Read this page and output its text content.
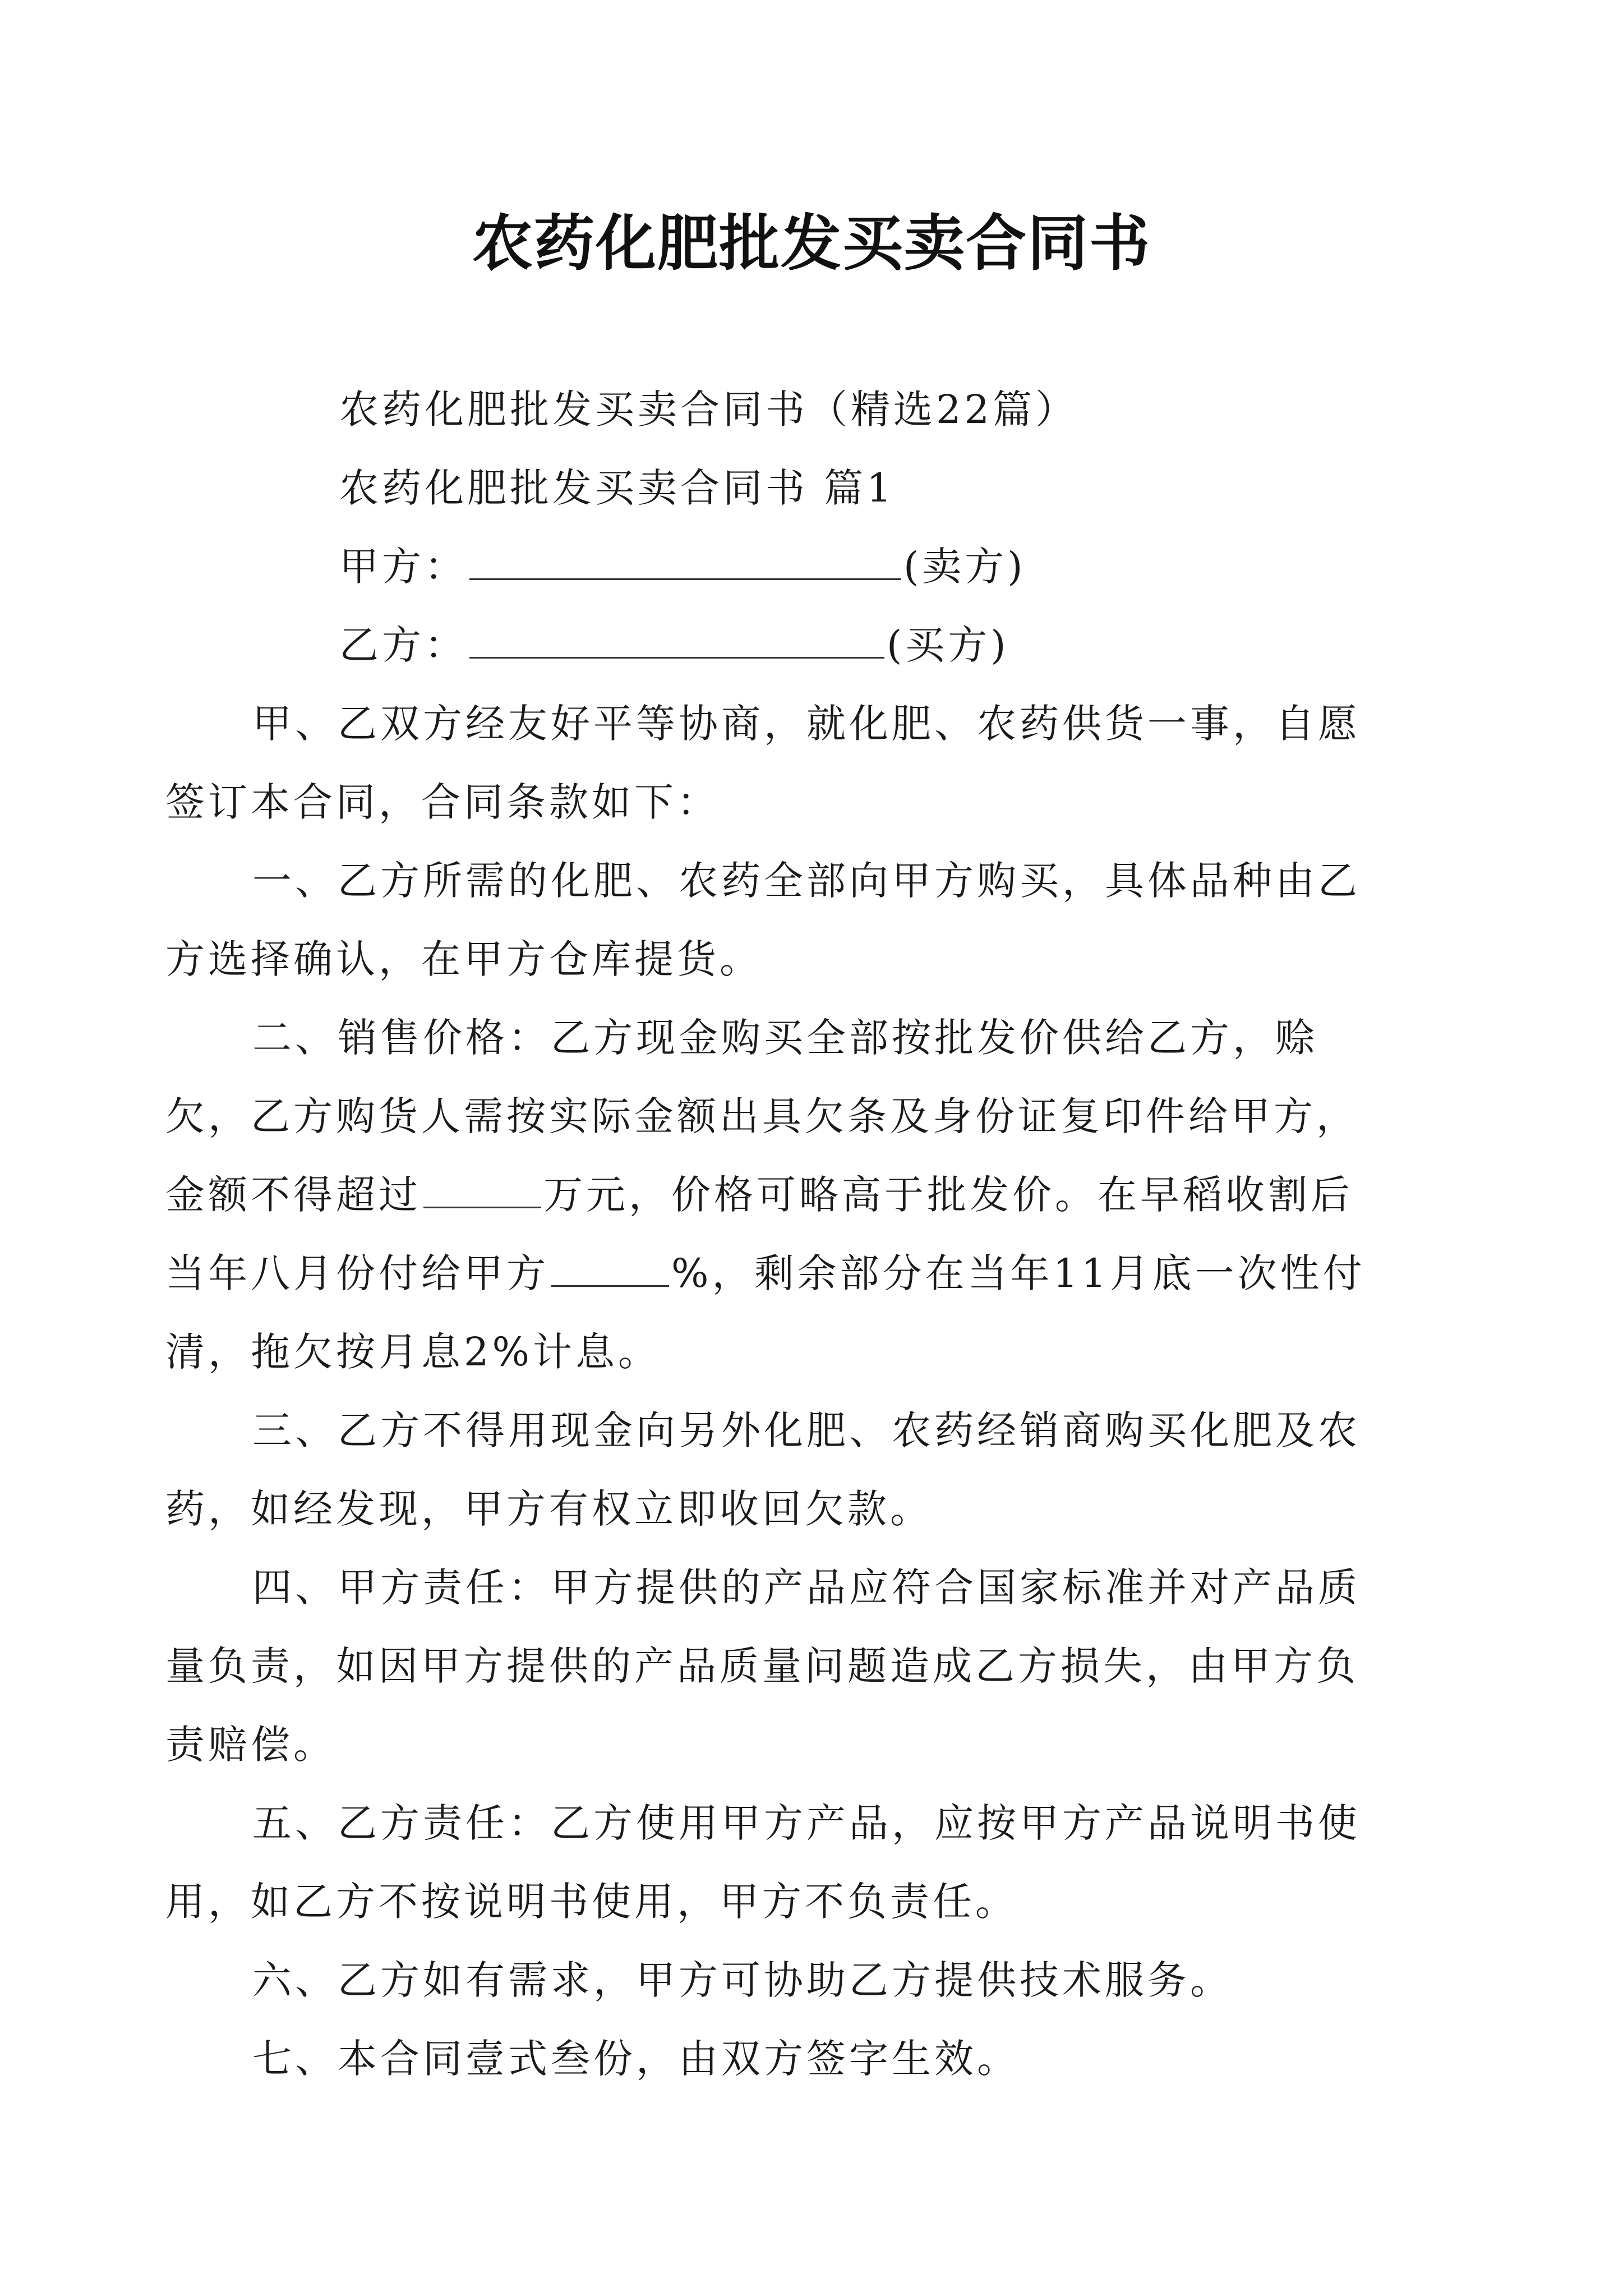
农药化肥批发买卖合同书

农药化肥批发买卖合同书（精选22篇）

农药化肥批发买卖合同书 篇1

甲方：	(卖方)

乙方：	(买方)

甲、乙双方经友好平等协商，就化肥、农药供货一事，自愿签订本合同，合同条款如下：

一、乙方所需的化肥、农药全部向甲方购买，具体品种由乙方选择确认，在甲方仓库提货。

二、销售价格：乙方现金购买全部按批发价供给乙方，赊欠，乙方购货人需按实际金额出具欠条及身份证复印件给甲方，金额不得超过	万元，价格可略高于批发价。在早稻收割后当年八月份付给甲方	%，剩余部分在当年11月底一次性付清，拖欠按月息2%计息。

三、乙方不得用现金向另外化肥、农药经销商购买化肥及农药，如经发现，甲方有权立即收回欠款。

四、甲方责任：甲方提供的产品应符合国家标准并对产品质量负责，如因甲方提供的产品质量问题造成乙方损失，由甲方负责赔偿。

五、乙方责任：乙方使用甲方产品，应按甲方产品说明书使用，如乙方不按说明书使用，甲方不负责任。

六、乙方如有需求，甲方可协助乙方提供技术服务。

七、本合同壹式叁份，由双方签字生效。
